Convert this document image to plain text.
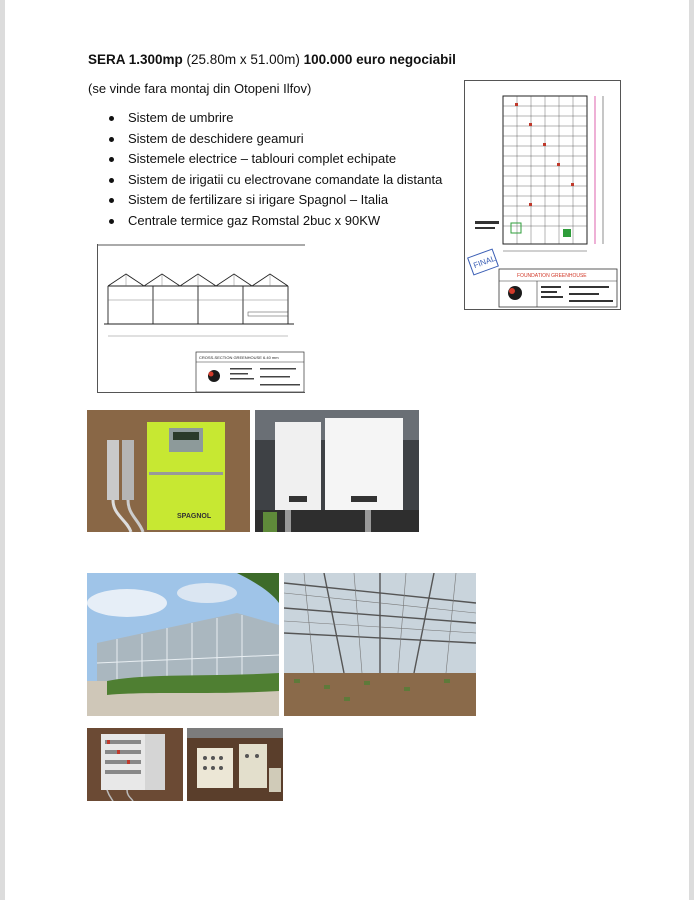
SERA 1.300mp (25.80m x 51.00m) 100.000 euro negociabil
(se vinde fara montaj din Otopeni Ilfov)
Sistem de umbrire
Sistem de deschidere geamuri
Sistemele electrice – tablouri complet echipate
Sistem de irigatii cu electrovane comandate la distanta
Sistem de fertilizare si irigare Spagnol – Italia
Centrale termice gaz Romstal 2buc x 90KW
FINAL
FOUNDATION GREENHOUSE
CROSS-SECTION GREENHOUSE 6.40 mm
SPAGNOL
